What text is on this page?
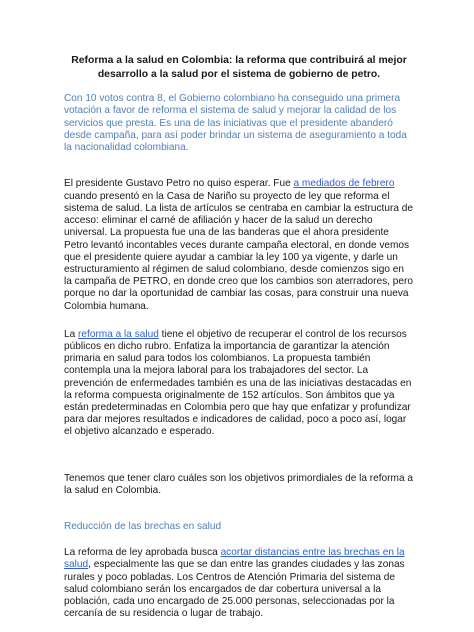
Reforma a la salud en Colombia: la reforma que contribuirá al mejor
desarrollo a la salud por el sistema de gobierno de petro.

Con 10 votos contra 8, el Gobierno colombiano ha conseguido una primera votación a favor de reforma el sistema de salud y mejorar la calidad de los servicios que presta. Es una de las iniciativas que el presidente abanderó desde campaña, para así poder brindar un sistema de aseguramiento a toda la nacionalidad colombiana.

El presidente Gustavo Petro no quiso esperar. Fue a mediados de febrero cuando presentó en la Casa de Nariño su proyecto de ley que reforma el sistema de salud. La lista de artículos se centraba en cambiar la estructura de acceso: eliminar el carné de afiliación y hacer de la salud un derecho universal. La propuesta fue una de las banderas que el ahora presidente Petro levantó incontables veces durante campaña electoral, en donde vemos que el presidente quiere ayudar a cambiar la ley 100 ya vigente, y darle un estructuramiento al régimen de salud colombiano, desde comienzos sigo en la campaña de PETRO, en donde creo que los cambios son aterradores, pero porque no dar la oportunidad de cambiar las cosas, para construir una nueva Colombia humana.

La reforma a la salud tiene el objetivo de recuperar el control de los recursos públicos en dicho rubro. Enfatiza la importancia de garantizar la atención primaria en salud para todos los colombianos. La propuesta también contempla una la mejora laboral para los trabajadores del sector. La prevención de enfermedades también es una de las iniciativas destacadas en la reforma compuesta originalmente de 152 artículos. Son ámbitos que ya están predeterminadas en Colombia pero que hay que enfatizar y profundizar para dar mejores resultados e indicadores de calidad, poco a poco así, logar el objetivo alcanzado e esperado.

Tenemos que tener claro cuáles son los objetivos primordiales de la reforma a la salud en Colombia.

Reducción de las brechas en salud

La reforma de ley aprobada busca acortar distancias entre las brechas en la salud, especialmente las que se dan entre las grandes ciudades y las zonas rurales y poco pobladas. Los Centros de Atención Primaria del sistema de salud colombiano serán los encargados de dar cobertura universal a la población, cada uno encargado de 25.000 personas, seleccionadas por la cercanía de su residencia o lugar de trabajo.
